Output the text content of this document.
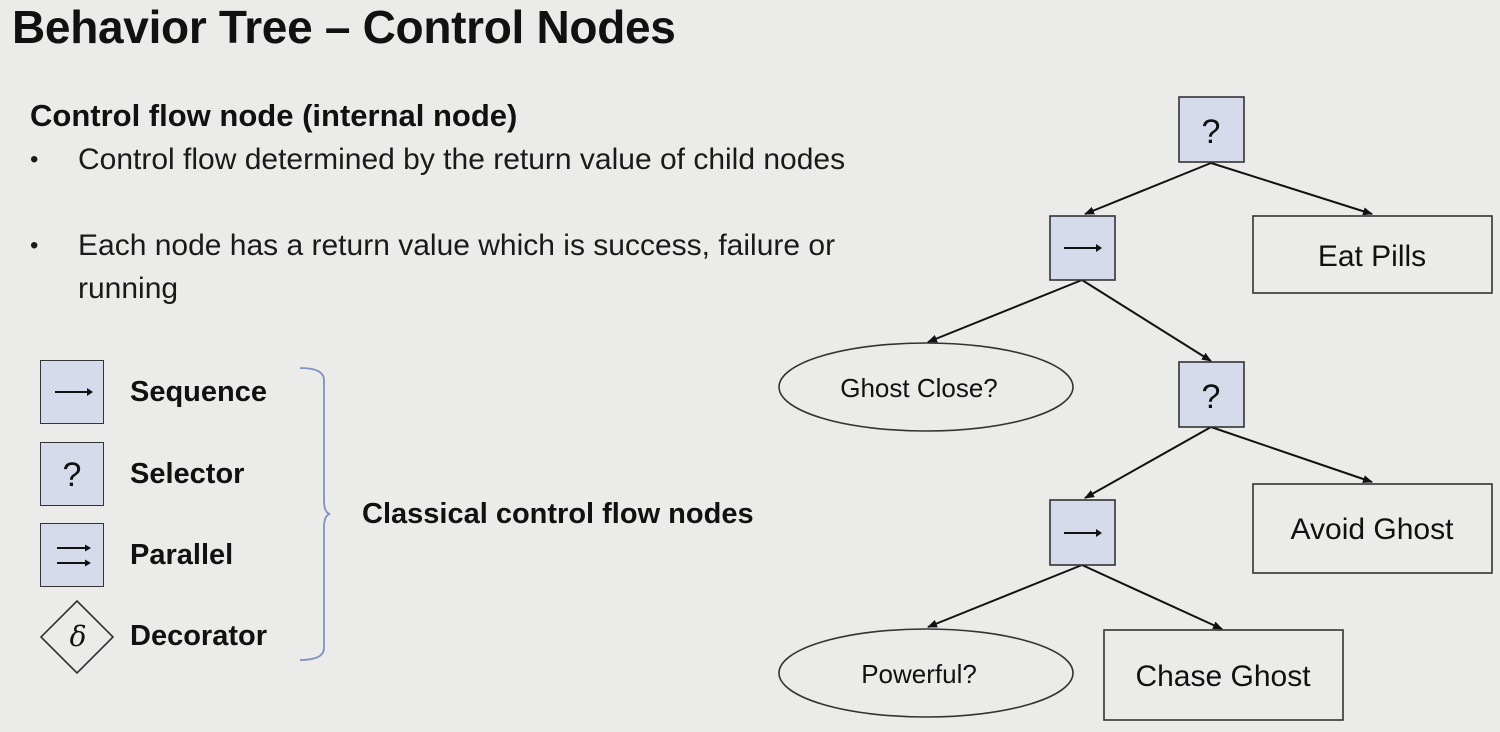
Behavior Tree – Control Nodes
Control flow node (internal node)
• Control flow determined by the return value of child nodes
• Each node has a return value which is success, failure or running
Sequence
? Selector
Parallel
δ Decorator
Classical control flow nodes
?
Eat Pills
Ghost Close?	?
Avoid Ghost
Powerful?	Chase Ghost
